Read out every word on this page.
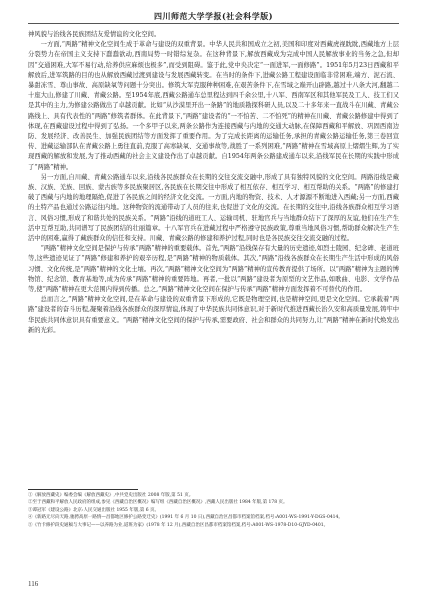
四川师范大学学报(社会科学版)

神风貌与治线各民族团结友爱情谊的文化空间。

一方面,“两路”精神文化空间生成于革命与建设的双重背景。中华人民共和国成立之初,美国和印度对西藏虎视眈眈,西藏地方上层分裂势力在帝国主义支持下蠢蠢欲动,西南局势一时错综复杂。在这种背景下,解放西藏成为完成中国人民解放事业的当务之急,但却因“交通困难,大军不易行动,给养供应麻烦也极多”,而受到阻碍。鉴于此,党中央决定“一面进军,一面修路”。1951年5月23日西藏和平解放后,进军筑路的目的也从解放西藏过渡到建设与发展西藏转变。在当时的条件下,进藏公路工程建设面临非常困难,端方、泥石流、暴甜冻雪、尊山事故、高原缺氧等问题十分突出。修筑大军克服种种困难,在艰苦条件下,在雪域之巅开山辟路,越过十八条大河,翻越二十座大山,修建了川藏、青藏公路。至1954年底,西藏公路通车总里程达到四千余公里,十八军、西南军区和其他军民及工人、技工们又是其中的主力,为修建公路做出了卓越贡献。比如“从沙漠里开出一条路”的地质勘探科研人员,以及二十多年来一直战斗在川藏、青藏公路线上、具有代表性的“两路”修筑者群体。在此背景下,“两路”建设者的“一不怕苦、二不怕死”的精神在川藏、青藏公路修建中得到了体现,在西藏建设过程中得到了弘扬。一个多甲子以来,两条公路作为连接西藏与内地的交通大动脉,在保障西藏和平解放、巩固西南边防、发展经济、改善民生、加强民族团结等方面发挥了重要作用。为了完成长距离的运输任务,承担的青藏公路运输任务,第三卷回宣传、进藏运输部队在青藏公路上勇往直前,克服了高寒缺氧、交通事故等,战胜了一系列困难,“两路”精神在雪域高原上熠熠生辉,为了实现西藏的解放和发展,为了推动西藏的社会主义建设作出了卓越贡献。自1954年两条公路建成通车以来,沿线军民在长期的实践中形成了“两路”精神。

另一方面,自川藏、青藏公路通车以来,沿线各民族群众在长期的交往交流交融中,形成了具有独特风貌的文化空间。两路沿线是藏族、汉族、羌族、回族、蒙古族等多民族聚居区,各民族在长期交往中形成了相互依存、相互学习、相互帮助的关系。“两路”的修建打破了西藏与内地的地理隔绝,促进了各民族之间的经济文化交流。一方面,内地的物资、技术、人才源源不断地进入西藏;另一方面,西藏的土特产品也通过公路运往内地。这种物资的流通带动了人员的往来,也促进了文化的交流。在长期的交往中,沿线各族群众相互学习语言、风俗习惯,形成了和谐共处的民族关系。“两路”沿线的道班工人、运输司机、驻地官兵与当地群众结下了深厚的友谊,他们在生产生活中互帮互助,共同谱写了民族团结的壮丽篇章。十八军官兵在进藏过程中严格遵守民族政策,尊重当地风俗习惯,帮助群众解决生产生活中的困难,赢得了藏族群众的信任和支持。川藏、青藏公路的修建和养护过程,同时也是各民族交往交流交融的过程。

“两路”精神文化空间是保护与传承“两路”精神的重要载体。首先,“两路”沿线保存有大量的历史遗迹,如烈士陵园、纪念碑、老道班等,这些遗迹见证了“两路”修建和养护的艰辛历程,是“两路”精神的物质载体。其次,“两路”沿线各族群众在长期生产生活中形成的风俗习惯、文化传统,是“两路”精神的文化土壤。再次,“两路”精神文化空间为“两路”精神的宣传教育提供了场所。以“两路”精神为主题的博物馆、纪念馆、教育基地等,成为传承“两路”精神的重要阵地。再者,一批以“两路”建设者为原型的文艺作品,如歌曲、电影、文学作品等,使“两路”精神在更大范围内得到传播。总之,“两路”精神文化空间在保护与传承“两路”精神方面发挥着不可替代的作用。

总而言之,“两路”精神文化空间,是在革命与建设的双重背景下形成的,它既是物理空间,也是精神空间,更是文化空间。它承载着“两路”建设者的奋斗历程,凝聚着沿线各族群众的深厚情谊,体现了中华民族共同体意识,对于新时代推进西藏长治久安和高质量发展,铸牢中华民族共同体意识具有重要意义。“两路”精神文化空间的保护与传承,需要政府、社会和群众的共同努力,让“两路”精神在新时代焕发出新的光彩。

①《解放西藏史》编委会编《解放西藏史》,中共党史出版社 2008 年版,第 51 页。
②至于西藏和平解放人民政府的组成,参见《西藏自治区概况》编写组《西藏自治区概况》,西藏人民出版社 1984 年版,第 178 页。
③谭冠军《建设公路》北京:人民交通出版社 1955 年版,第 6 页。
④《新路无尽向天路,驰骋高原一路情—昌都地区修护公路变迁史》(1991 年 6 月 10 日),西藏自治区昌都市档案馆档案,档号:A001-WS-1991-Y-DGS-0414。
⑤《竹卡修护段史通稿与大事记——以养路为业,道班为家》(1978 年 12 月),西藏自治区昌都市档案馆档案,档号:A001-WS-1978-D10-GJYD-0401。
116
